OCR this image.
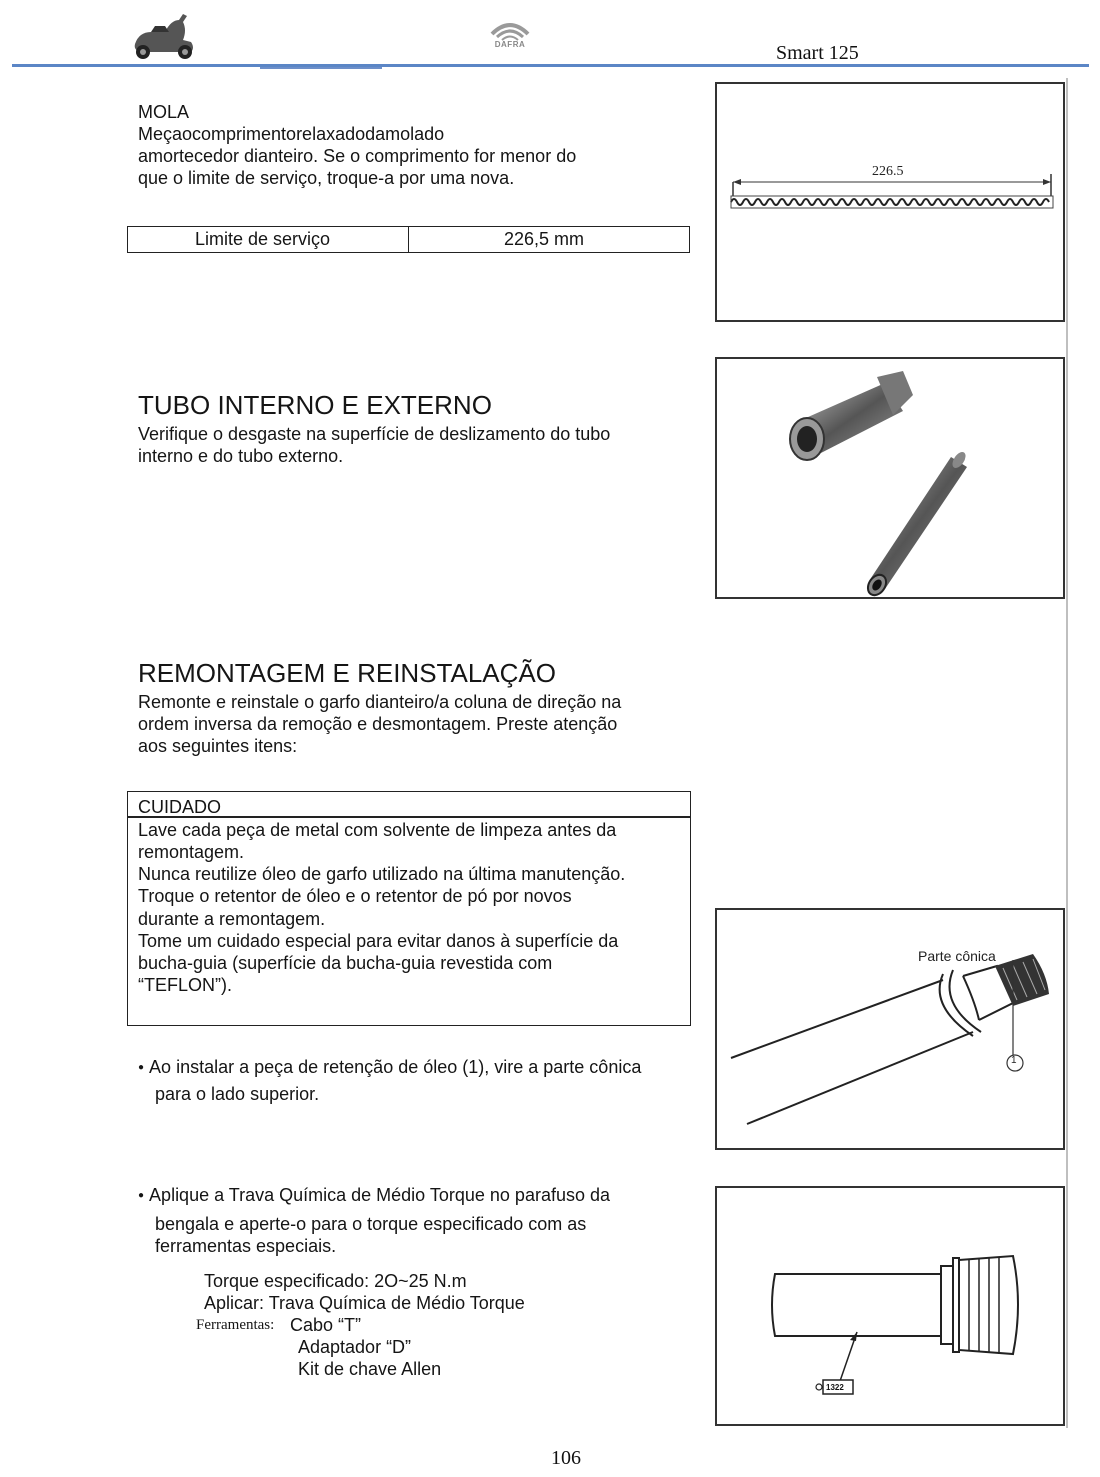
DAFRA	Smart 125
MOLA
Meçaocomprimentorelaxadodamolado
amortecedor dianteiro. Se o comprimento for menor do
que o limite de serviço, troque-a por uma nova.
Limite de serviço	226,5 mm
226.5
TUBO INTERNO E EXTERNO
Verifique o desgaste na superfície de deslizamento do tubo
interno e do tubo externo.
REMONTAGEM E REINSTALAÇÃO
Remonte e reinstale o garfo dianteiro/a coluna de direção na
ordem inversa da remoção e desmontagem. Preste atenção
aos seguintes itens:
CUIDADO
Lave cada peça de metal com solvente de limpeza antes da
remontagem.
Nunca reutilize óleo de garfo utilizado na última manutenção.
Troque o retentor de óleo e o retentor de pó por novos
durante a remontagem.
Tome um cuidado especial para evitar danos à superfície da
bucha-guia (superfície da bucha-guia revestida com
“TEFLON”).
Parte cônica
1
● Ao instalar a peça de retenção de óleo (1), vire a parte cônica
para o lado superior.
● Aplique a Trava Química de Médio Torque no parafuso da
bengala e aperte-o para o torque especificado com as
ferramentas especiais.
Torque especificado: 2O~25 N.m
Aplicar: Trava Química de Médio Torque
Ferramentas: Cabo “T”
Adaptador “D”
Kit de chave Allen
1322
106
